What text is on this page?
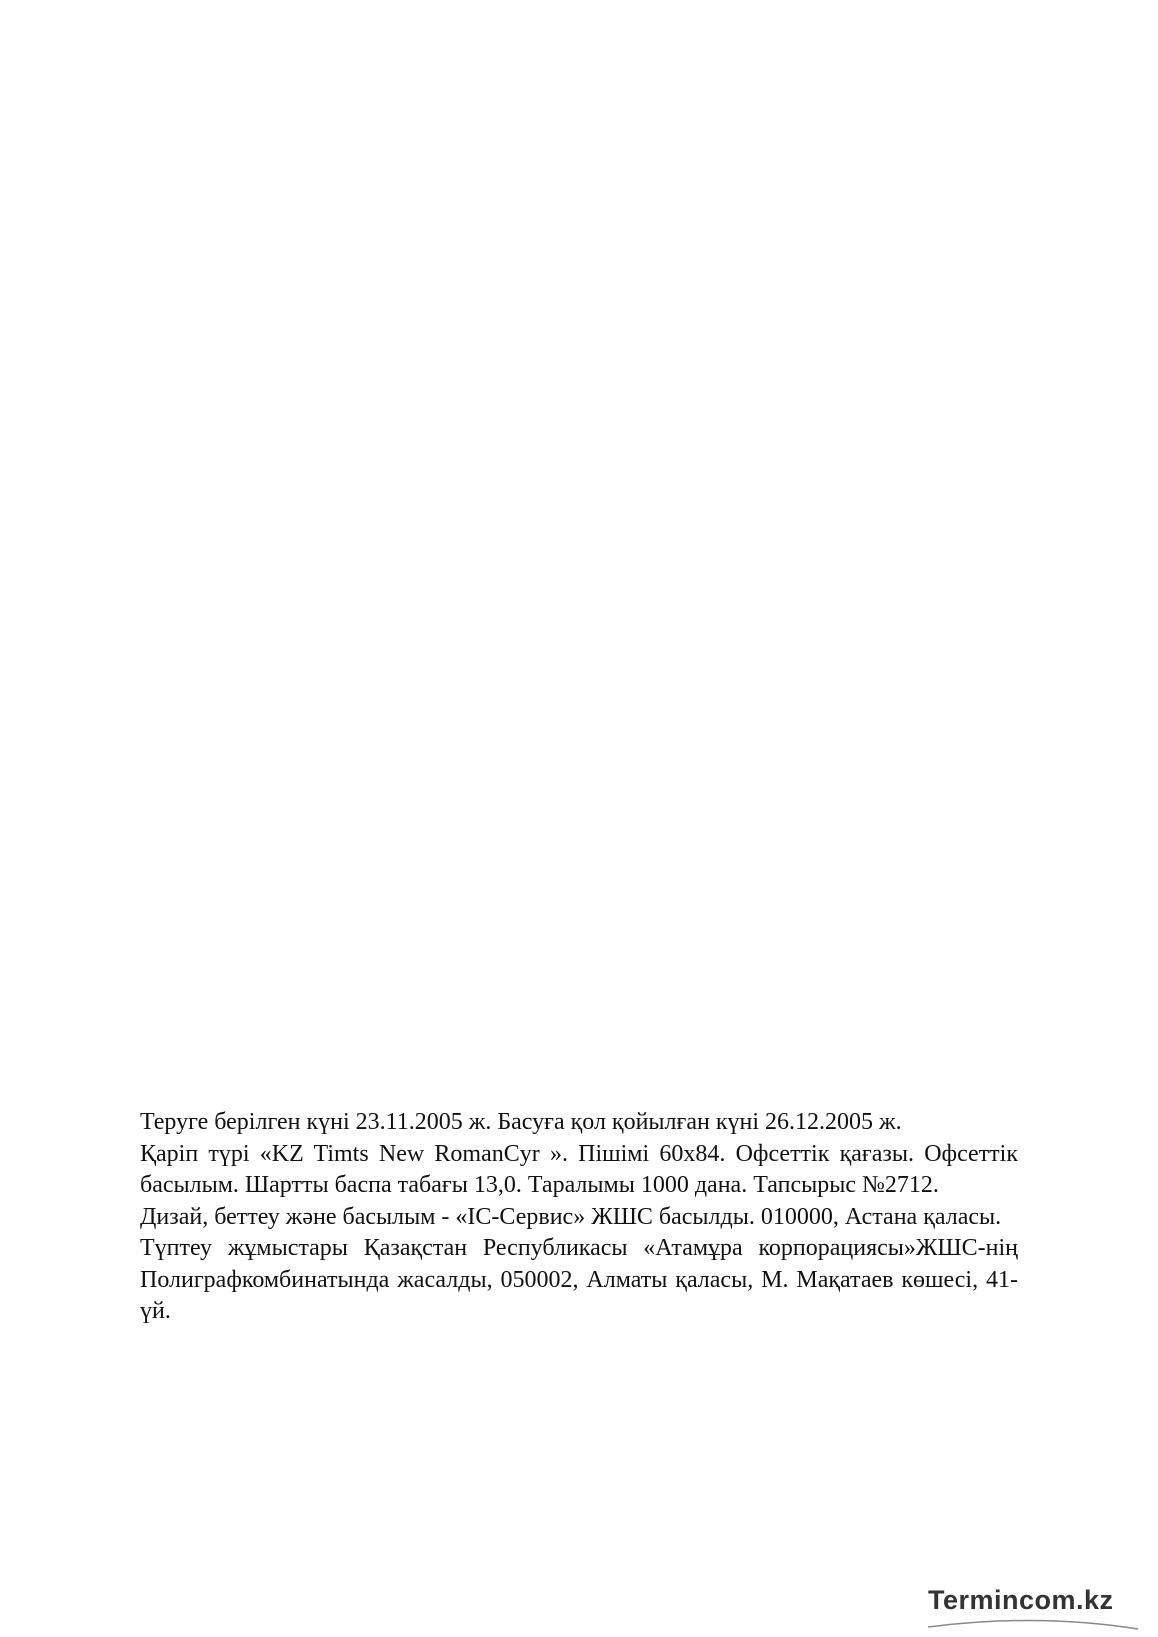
Теруге берілген күні 23.11.2005 ж. Басуға қол қойылған күні 26.12.2005 ж.

Қаріп түрі «KZ Timts New RomanCyr ». Пішімі 60х84. Офсеттік қағазы. Офсеттік басылым. Шартты баспа табағы 13,0. Таралымы 1000 дана. Тапсырыс №2712.

Дизай, беттеу және басылым - «ІС-Сервис» ЖШС басылды. 010000, Астана қаласы.

Түптеу жұмыстары Қазақстан Республикасы «Атамұра корпорациясы»ЖШС-нің Полиграфкомбинатында жасалды, 050002, Алматы қаласы, М. Мақатаев көшесі, 41-үй.

Termincom.kz
